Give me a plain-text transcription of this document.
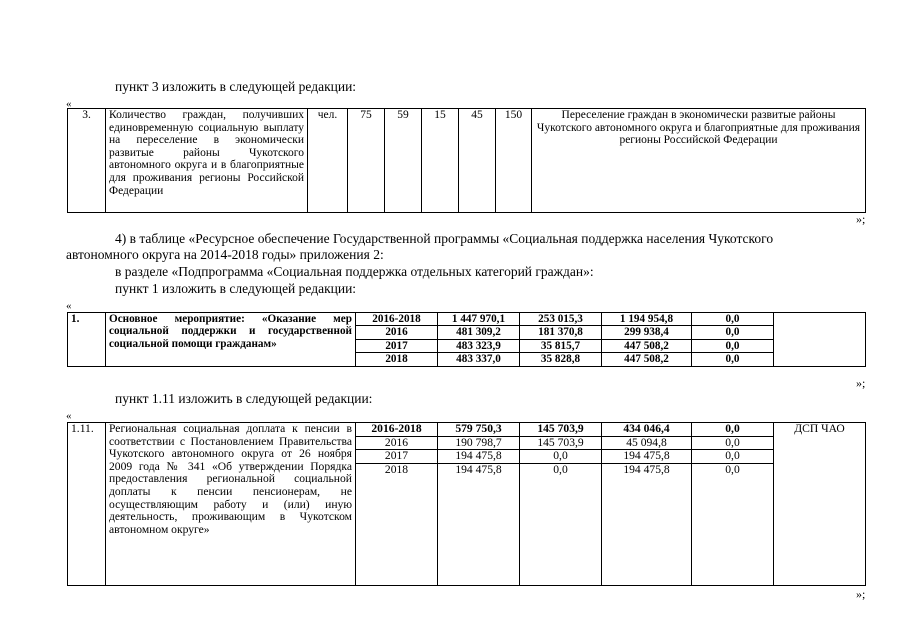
пункт 3 изложить в следующей редакции:
«
3.	Количество граждан, получивших единовременную социальную выплату на переселение в экономически развитые районы Чукотского автономного округа и в благоприятные для проживания регионы Российской Федерации	чел.	75	59	15	45	150	Переселение граждан в экономически развитые районы Чукотского автономного округа и благоприятные для проживания регионы Российской Федерации
»;
4) в таблице «Ресурсное обеспечение Государственной программы «Социальная поддержка населения Чукотского
автономного округа на 2014-2018 годы» приложения 2:
в разделе «Подпрограмма «Социальная поддержка отдельных категорий граждан»:
пункт 1 изложить в следующей редакции:
«
1.	Основное мероприятие: «Оказание мер социальной поддержки и государственной социальной помощи гражданам»	2016-2018	1 447 970,1	253 015,3	1 194 954,8	0,0	
		2016	481 309,2	181 370,8	299 938,4	0,0	
		2017	483 323,9	35 815,7	447 508,2	0,0	
		2018	483 337,0	35 828,8	447 508,2	0,0	
»;
пункт 1.11 изложить в следующей редакции:
«
1.11.	Региональная социальная доплата к пенсии в соответствии с Постановлением Правительства Чукотского автономного округа от 26 ноября 2009 года № 341 «Об утверждении Порядка предоставления региональной социальной доплаты к пенсии пенсионерам, не осуществляющим работу и (или) иную деятельность, проживающим в Чукотском автономном округе»	2016-2018	579 750,3	145 703,9	434 046,4	0,0	ДСП ЧАО
		2016	190 798,7	145 703,9	45 094,8	0,0	
		2017	194 475,8	0,0	194 475,8	0,0	
		2018	194 475,8	0,0	194 475,8	0,0	
»;
